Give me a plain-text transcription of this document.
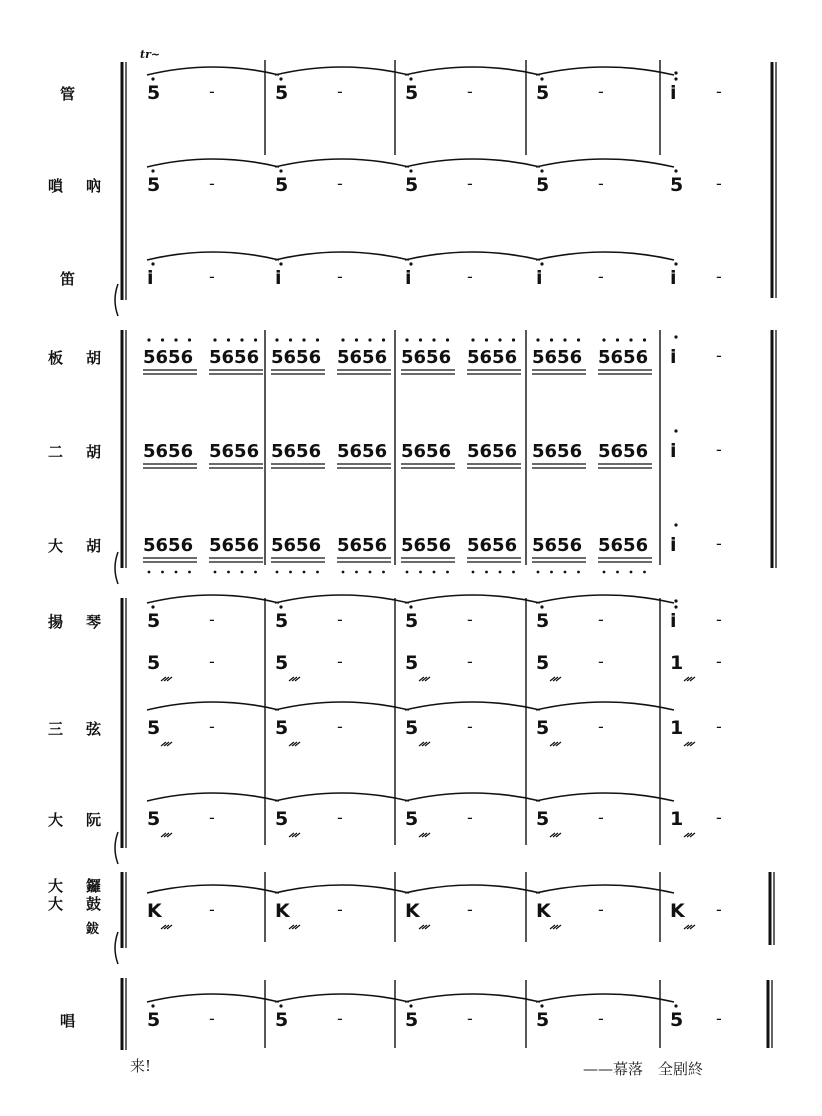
tr~
5	-	5	-	5	-	5	-	i -
管
5	-	5	-	5	-	5	-	5 -
嗩 吶
i	-	i	-	i	-	i	-	i -
笛
5656 5656 5656 5656 5656 5656 5656 5656 i -
板 胡
5656 5656 5656 5656 5656 5656 5656 5656 i -
二 胡
5656 5656 5656 5656 5656 5656 5656 5656 i -
大 胡
5	-	5	-	5	-	5	-	i -
揚 琴
5	-	5	-	5	-	5	-	1 -
5	-	5	-	5	-	5	-	1 -
三 弦
5	-	5	-	5	-	5	-	1 -
大 阮
K	-	K	-	K	-	K	-	K -
大
大
鑼
鼓
鈸
5	-	5	-	5	-	5	-	5 -
唱
来!	——幕落　全剧終
